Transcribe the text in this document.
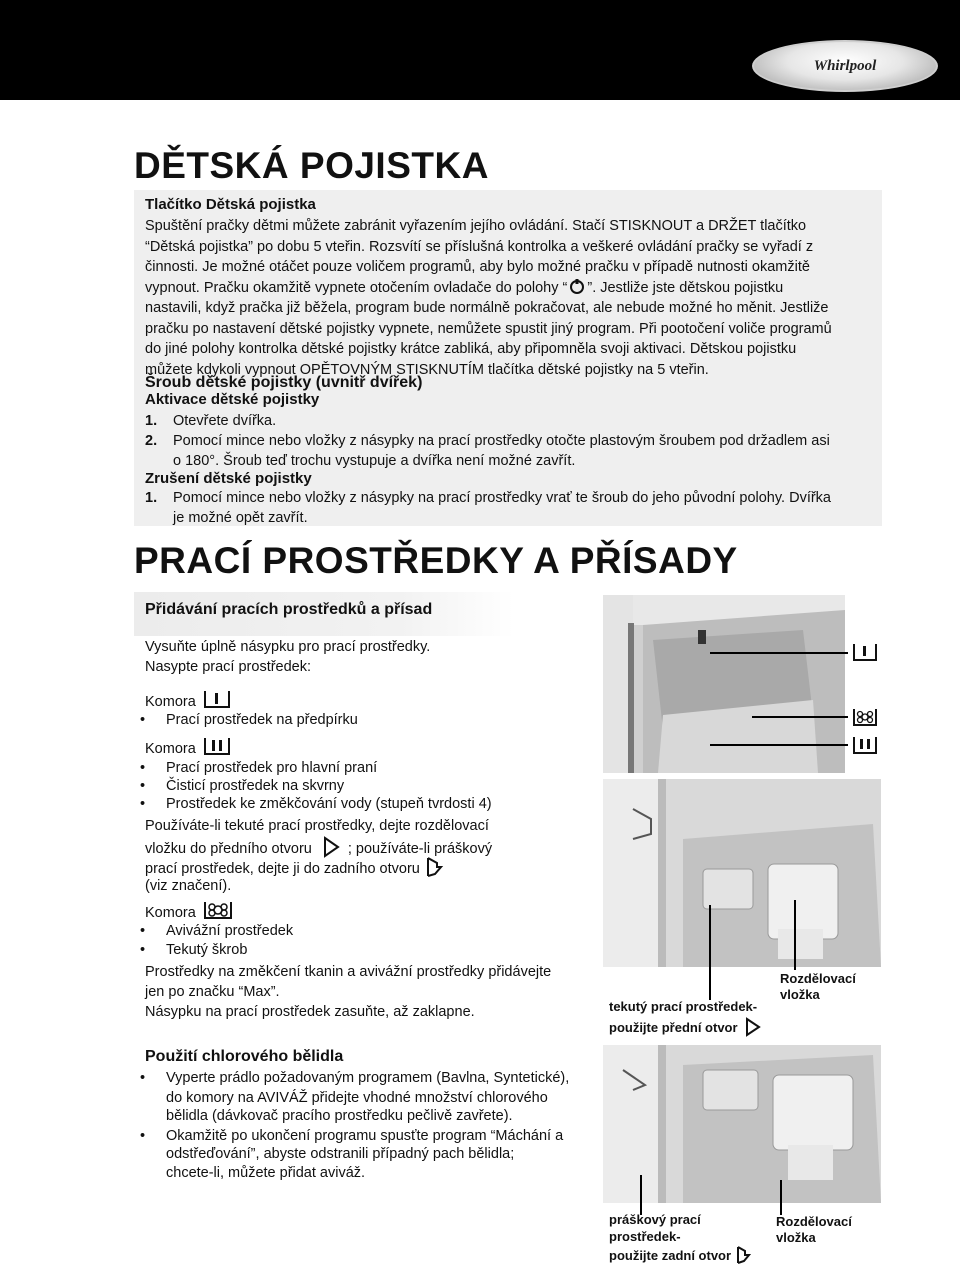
Whirlpool
DĚTSKÁ POJISTKA
Tlačítko Dětská pojistka
Spuštění pračky dětmi můžete zabránit vyřazením jejího ovládání. Stačí STISKNOUT a DRŽET tlačítko
“Dětská pojistka” po dobu 5 vteřin. Rozsvítí se příslušná kontrolka a veškeré ovládání pračky se vyřadí z
činnosti. Je možné otáčet pouze voličem programů, aby bylo možné pračku v případě nutnosti okamžitě
vypnout. Pračku okamžitě vypnete otočením ovladače do polohy “ ”. Jestliže jste dětskou pojistku
nastavili, když pračka již běžela, program bude normálně pokračovat, ale nebude možné ho měnit. Jestliže
pračku po nastavení dětské pojistky vypnete, nemůžete spustit jiný program. Při pootočení voliče programů
do jiné polohy kontrolka dětské pojistky krátce zabliká, aby připomněla svoji aktivaci. Dětskou pojistku
můžete kdykoli vypnout OPĚTOVNÝM STISKNUTÍM tlačítka dětské pojistky na 5 vteřin.
Šroub dětské pojistky (uvnitř dvířek)
Aktivace dětské pojistky
1. Otevřete dvířka.
2. Pomocí mince nebo vložky z násypky na prací prostředky otočte plastovým šroubem pod držadlem asi
o 180°. Šroub teď trochu vystupuje a dvířka není možné zavřít.
Zrušení dětské pojistky
1. Pomocí mince nebo vložky z násypky na prací prostředky vrať te šroub do jeho původní polohy. Dvířka
je možné opět zavřít.
PRACÍ PROSTŘEDKY A PŘÍSADY
Přidávání pracích prostředků a přísad
Vysuňte úplně násypku pro prací prostředky.
Nasypte prací prostředek:
Komora
• Prací prostředek na předpírku
Komora
• Prací prostředek pro hlavní praní
• Čisticí prostředek na skvrny
• Prostředek ke změkčování vody (stupeň tvrdosti 4)
Používáte-li tekuté prací prostředky, dejte rozdělovací
vložku do předního otvoru ; používáte-li práškový
prací prostředek, dejte ji do zadního otvoru
(viz značení).
Komora
• Avivážní prostředek
• Tekutý škrob
Prostředky na změkčení tkanin a avivážní prostředky přidávejte
jen po značku “Max”.
Násypku na prací prostředek zasuňte, až zaklapne.
Použití chlorového bělidla
• Vyperte prádlo požadovaným programem (Bavlna, Syntetické),
do komory na AVIVÁŽ přidejte vhodné množství chlorového
bělidla (dávkovač pracího prostředku pečlivě zavřete).
• Okamžitě po ukončení programu spusťte program “Máchání a
odstřeďování”, abyste odstranili případný pach bělidla;
chcete-li, můžete přidat aviváž.
tekutý prací prostředek-
použijte přední otvor
Rozdělovací
vložka
práškový prací
prostředek-
použijte zadní otvor
Rozdělovací
vložka
